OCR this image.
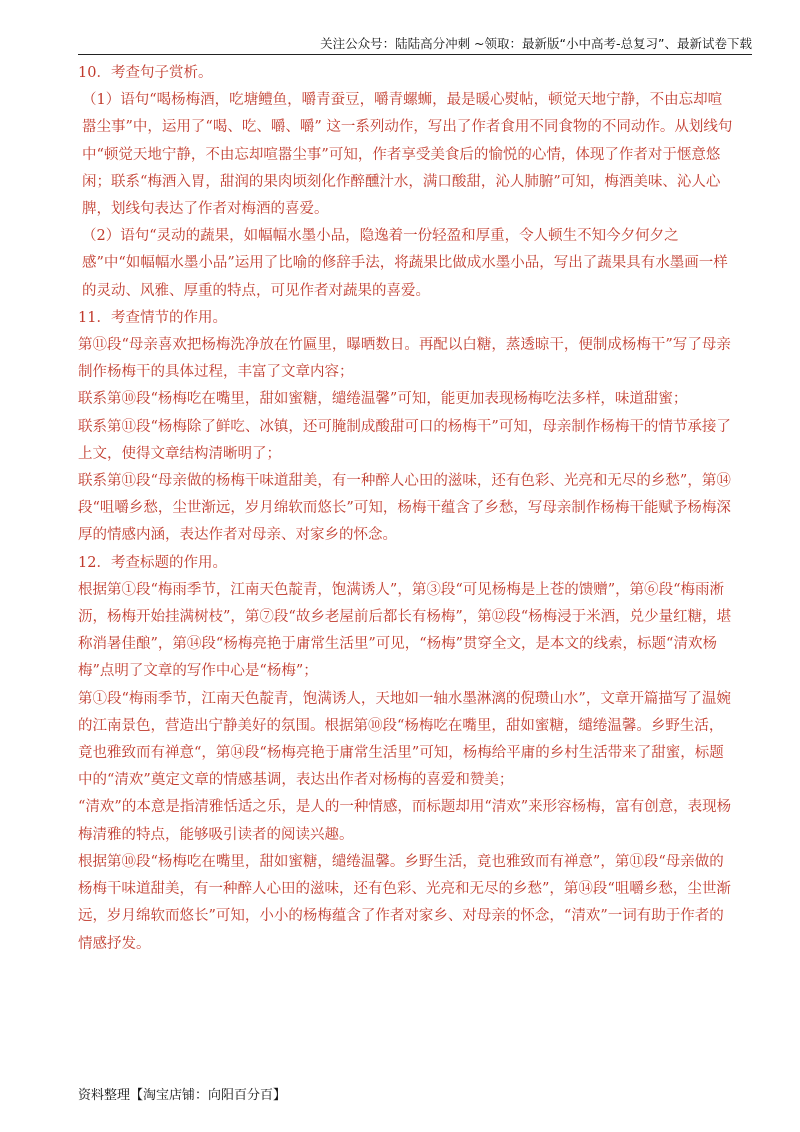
关注公众号：陆陆高分冲刺 ~领取：最新版“小中高考-总复习”、最新试卷下载

10．考查句子赏析。

（1）语句“喝杨梅酒，吃塘鳢鱼，嚼青蚕豆，嚼青螺蛳，最是暖心熨帖，顿觉天地宁静，不由忘却喧嚣尘事”中，运用了“喝、吃、嚼、嚼” 这一系列动作，写出了作者食用不同食物的不同动作。从划线句中“顿觉天地宁静，不由忘却喧嚣尘事”可知，作者享受美食后的愉悦的心情，体现了作者对于惬意悠闲；联系“梅酒入胃，甜润的果肉顷刻化作醉醺汁水，满口酸甜，沁人肺腑”可知，梅酒美味、沁人心脾，划线句表达了作者对梅酒的喜爱。

（2）语句“灵动的蔬果，如幅幅水墨小品，隐逸着一份轻盈和厚重，令人顿生不知今夕何夕之感”中“如幅幅水墨小品”运用了比喻的修辞手法，将蔬果比做成水墨小品，写出了蔬果具有水墨画一样的灵动、风雅、厚重的特点，可见作者对蔬果的喜爱。

11．考查情节的作用。

第⑪段“母亲喜欢把杨梅洗净放在竹匾里，曝晒数日。再配以白糖，蒸透晾干，便制成杨梅干”写了母亲制作杨梅干的具体过程，丰富了文章内容；

联系第⑩段“杨梅吃在嘴里，甜如蜜糖，缱绻温馨”可知，能更加表现杨梅吃法多样，味道甜蜜；

联系第⑪段“杨梅除了鲜吃、冰镇，还可腌制成酸甜可口的杨梅干”可知，母亲制作杨梅干的情节承接了上文，使得文章结构清晰明了；

联系第⑪段“母亲做的杨梅干味道甜美，有一种醉人心田的滋味，还有色彩、光亮和无尽的乡愁”，第⑭段“咀嚼乡愁，尘世渐远，岁月绵软而悠长”可知，杨梅干蕴含了乡愁，写母亲制作杨梅干能赋予杨梅深厚的情感内涵，表达作者对母亲、对家乡的怀念。

12．考查标题的作用。

根据第①段“梅雨季节，江南天色靛青，饱满诱人”，第③段“可见杨梅是上苍的馈赠”，第⑥段“梅雨淅沥，杨梅开始挂满树枝”，第⑦段“故乡老屋前后都长有杨梅”，第⑫段“杨梅浸于米酒，兑少量红糖，堪称消暑佳酿”，第⑭段“杨梅亮艳于庸常生活里”可见，“杨梅”贯穿全文，是本文的线索，标题“清欢杨梅”点明了文章的写作中心是“杨梅”；

第①段“梅雨季节，江南天色靛青，饱满诱人，天地如一轴水墨淋漓的倪瓒山水”，文章开篇描写了温婉的江南景色，营造出宁静美好的氛围。根据第⑩段“杨梅吃在嘴里，甜如蜜糖，缱绻温馨。乡野生活，竟也雅致而有禅意“，第⑭段“杨梅亮艳于庸常生活里”可知，杨梅给平庸的乡村生活带来了甜蜜，标题中的“清欢”奠定文章的情感基调，表达出作者对杨梅的喜爱和赞美；

“清欢”的本意是指清雅恬适之乐，是人的一种情感，而标题却用“清欢”来形容杨梅，富有创意，表现杨梅清雅的特点，能够吸引读者的阅读兴趣。

根据第⑩段“杨梅吃在嘴里，甜如蜜糖，缱绻温馨。乡野生活，竟也雅致而有禅意”，第⑪段“母亲做的杨梅干味道甜美，有一种醉人心田的滋味，还有色彩、光亮和无尽的乡愁”，第⑭段“咀嚼乡愁，尘世渐远，岁月绵软而悠长”可知，小小的杨梅蕴含了作者对家乡、对母亲的怀念，“清欢”一词有助于作者的情感抒发。

资料整理【淘宝店铺：向阳百分百】
